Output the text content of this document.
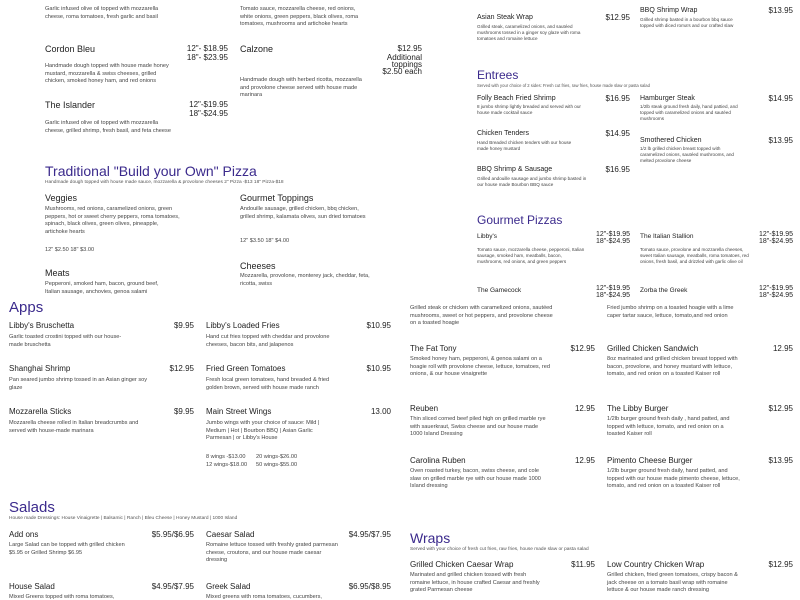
Garlic infused olive oil topped with mozzarella cheese, roma tomatoes, fresh garlic and basil
Cordon Bleu	12"- $18.95
18"- $23.95
Handmade dough topped with house made honey mustard, mozzarella & swiss cheeses, grilled chicken, smoked honey ham, and red onions
The Islander	12"-$19.95
18"-$24.95
Garlic infused olive oil topped with mozzarella cheese, grilled shrimp, fresh basil, and feta cheese
Tomato sauce, mozzarella cheese, red onions, white onions, green peppers, black olives, roma tomatoes, mushrooms and artichoke hearts
Calzone	$12.95
Additional
toppings
$2.50 each
Handmade dough with herbed ricotta, mozzarella and provolone cheese served with house made marinara
Traditional "Build your Own" Pizza
Handmade dough topped with house made sauce, mozzarella & provolone cheeses 2" Pizza -$13 18" Pizza-$18
Veggies
Mushrooms, red onions, caramelized onions, green peppers, hot or sweet cherry peppers, roma tomatoes, spinach, black olives, green olives, pineapple, artichoke hearts
12" $2.50 18" $3.00
Gourmet Toppings
Andouille sausage, grilled chicken, bbq chicken, grilled shrimp, kalamata olives, sun dried tomatoes
12" $3.50 18" $4.00
Meats
Pepperoni, smoked ham, bacon, ground beef, Italian sausage, anchovies, genoa salami
Cheeses
Mozzarella, provolone, monterey jack, cheddar, feta, ricotta, swiss
Asian Steak Wrap	$12.95
Grilled steak, caramelized onions, and sautéed mushrooms tossed in a ginger soy glaze with roma tomatoes and romaine lettuce
BBQ Shrimp Wrap	$13.95
Grilled shrimp basted in a bourbon bbq sauce topped with diced roma's and our crafted slaw
Entrees
Served with your choice of 2 sides: Fresh cut fries, raw fries, house made slaw or pasta salad
Folly Beach Fried Shrimp	$16.95
8 jumbo shrimp lightly breaded and served with our house made cocktail sauce
Hamburger Steak	$14.95
1/2lb steak ground fresh daily, hand pattied, and topped with caramelized onions and sautéed mushrooms
Chicken Tenders	$14.95
Hand Breaded chicken tenders with our house made honey mustard
Smothered Chicken	$13.95
1/2 lb grilled chicken breast topped with caramelized onions, sautéed mushrooms, and melted provolone cheese
BBQ Shrimp & Sausage	$16.95
Grilled andouille sausage and jumbo shrimp basted in our house made Bourbon BBQ sauce
Gourmet Pizzas
Libby's	12"-$19.95
18"-$24.95
Tomato sauce, mozzarella cheese, pepperoni, Italian sausage, smoked ham, meatballs, bacon, mushrooms, red onions, and green peppers
The Italian Stallion	12"-$19.95
18"-$24.95
Tomato sauce, provolone and mozzarella cheeses, sweet Italian sausage, meatballs, roma tomatoes, red onions, fresh basil, and drizzled with garlic olive oil
The Gamecock	12"-$19.95
18"-$24.95
Zorba the Greek	12"-$19.95
18"-$24.95
Grilled steak or chicken with caramelized onions, sautéed mushrooms, sweet or hot peppers, and provolone cheese on a toasted hoagie
Fried jumbo shrimp on a toasted hoagie with a lime caper tartar sauce, lettuce, tomato,and red onion
The Fat Tony	$12.95
Smoked honey ham, pepperoni, & genoa salami on a hoagie roll with provolone cheese, lettuce, tomatoes, red onions, & our house vinaigrette
Grilled Chicken Sandwich	12.95
8oz marinated and grilled chicken breast topped with bacon, provolone, and honey mustard with lettuce, tomato, and red onion on a toasted Kaiser roll
Reuben	12.95
Thin sliced corned beef piled high on grilled marble rye with sauerkraut, Swiss cheese and our house made 1000 Island Dressing
The Libby Burger	$12.95
1/2lb burger ground fresh daily , hand patted, and topped with lettuce, tomato, and red onion on a toasted Kaiser roll
Carolina Ruben	12.95
Oven roasted turkey, bacon, swiss cheese, and cole slaw on grilled marble rye with our house made 1000 Island dressing
Pimento Cheese Burger	$13.95
1/2lb burger ground fresh daily, hand patted, and topped with our house made pimento cheese, lettuce, tomato, and red onion on a toasted Kaiser roll
Apps
Libby's Bruschetta	$9.95
Garlic toasted crostini topped with our house-made bruschetta
Libby's Loaded Fries	$10.95
Hand cut fries topped with cheddar and provolone cheeses, bacon bits, and jalapenos
Shanghai Shrimp	$12.95
Pan seared jumbo shrimp tossed in an Asian ginger soy glaze
Fried Green Tomatoes	$10.95
Fresh local green tomatoes, hand breaded & fried golden brown, served with house made ranch
Mozzarella Sticks	$9.95
Mozzarella cheese rolled in Italian breadcrumbs and served with house-made marinara
Main Street Wings	13.00
Jumbo wings with your choice of sauce: Mild | Medium | Hot | Bourbon BBQ | Asian Garlic Parmesan | or Libby's House
8 wings -$13.00
12 wings-$18.00
20 wings-$26.00
50 wings-$55.00
Salads
House made Dressings: House Vinaigrette | Balsamic | Ranch | Bleu Cheese | Honey Mustard | 1000 Island
Add ons	$5.95/$6.95
Large Salad can be topped with grilled chicken $5.95 or Grilled Shrimp $6.95
Caesar Salad	$4.95/$7.95
Romaine lettuce tossed with freshly grated parmesan cheese, croutons, and our house made caesar dressing
House Salad	$4.95/$7.95
Mixed Greens topped with roma tomatoes,
Greek Salad	$6.95/$8.95
Mixed greens with roma tomatoes, cucumbers,
Wraps
Served with your choice of fresh cut fries, raw fries, house made slaw or pasta salad
Grilled Chicken Caesar Wrap	$11.95
Marinated and grilled chicken tossed with fresh romaine lettuce, in house crafted Caesar and freshly grated Parmesan cheese
Low Country Chicken Wrap	$12.95
Grilled chicken, fried green tomatoes, crispy bacon & jack cheese on a tomato basil wrap with romaine lettuce & our house made ranch dressing
